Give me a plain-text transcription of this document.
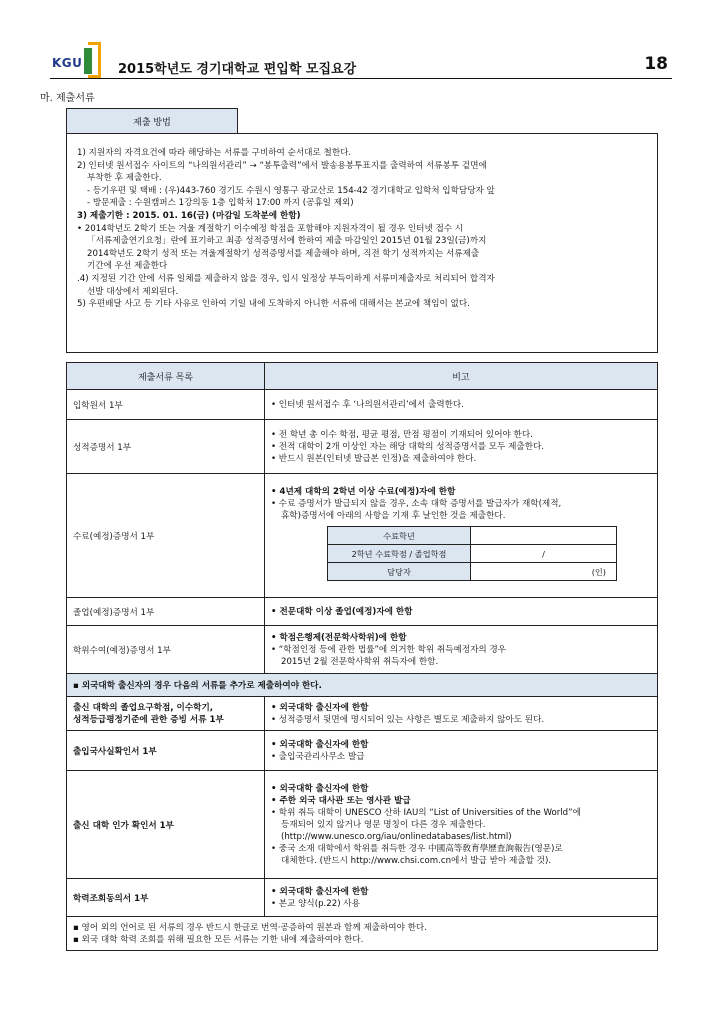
KGU	2015학년도 경기대학교 편입학 모집요강	18
마. 제출서류
제출 방법
1) 지원자의 자격요건에 따라 해당하는 서류를 구비하여 순서대로 철한다.
2) 인터넷 원서접수 사이트의 “나의원서관리” → “봉투출력”에서 발송용봉투표지를 출력하여 서류봉투 겉면에
부착한 후 제출한다.
- 등기우편 및 택배 : (우)443-760 경기도 수원시 영통구 광교산로 154-42 경기대학교 입학처 입학담당자 앞
- 방문제출 : 수원캠퍼스 1강의동 1층 입학처 17:00 까지 (공휴일 제외)
3) 제출기한 : 2015. 01. 16(금) (마감일 도착분에 한함)
• 2014학년도 2학기 또는 겨울 계절학기 이수예정 학점을 포함해야 지원자격이 될 경우 인터넷 접수 시
「서류제출연기요청」란에 표기하고 최종 성적증명서에 한하여 제출 마감일인 2015년 01월 23일(금)까지
2014학년도 2학기 성적 또는 겨울계절학기 성적증명서를 제출해야 하며, 직전 학기 성적까지는 서류제출
기간에 우선 제출한다
.4) 지정된 기간 안에 서류 일체를 제출하지 않을 경우, 입시 일정상 부득이하게 서류미제출자로 처리되어 합격자
선발 대상에서 제외된다.
5) 우편배달 사고 등 기타 사유로 인하여 기일 내에 도착하지 아니한 서류에 대해서는 본교에 책임이 없다.
제출서류 목록	비고
입학원서 1부	• 인터넷 원서접수 후 ‘나의원서관리’에서 출력한다.

성적증명서 1부	
• 전 학년 총 이수 학점, 평균 평점, 만점 평점이 기재되어 있어야 한다.
• 전적 대학이 2개 이상인 자는 해당 대학의 성적증명서를 모두 제출한다.
• 반드시 원본(인터넷 발급본 인정)을 제출하여야 한다.

수료(예정)증명서 1부	
• 4년제 대학의 2학년 이상 수료(예정)자에 한함
• 수료 증명서가 발급되지 않을 경우, 소속 대학 증명서를 발급자가 재학(제적,
휴학)증명서에 아래의 사항을 기재 후 날인한 것을 제출한다.
수료학년	
2학년 수료학점 / 졸업학점	/
담당자	(인)

졸업(예정)증명서 1부	• 전문대학 이상 졸업(예정)자에 한함

학위수여(예정)증명서 1부	
• 학점은행제(전문학사학위)에 한함
• “학점인정 등에 관한 법률”에 의거한 학위 취득예정자의 경우
2015년 2월 전문학사학위 취득자에 한함.

▪ 외국대학 출신자의 경우 다음의 서류를 추가로 제출하여야 한다.

출신 대학의 졸업요구학점, 이수학기,
성적등급평정기준에 관한 증빙 서류 1부

• 외국대학 출신자에 한함
• 성적증명서 뒷면에 명시되어 있는 사항은 별도로 제출하지 않아도 된다.

출입국사실확인서 1부	
• 외국대학 출신자에 한함
• 출입국관리사무소 발급

출신 대학 인가 확인서 1부	
• 외국대학 출신자에 한함
• 주한 외국 대사관 또는 영사관 발급
• 학위 취득 대학이 UNESCO 산하 IAU의 “List of Universities of the World”에
등재되어 있지 않거나 영문 명칭이 다른 경우 제출한다.
(http://www.unesco.org/iau/onlinedatabases/list.html)
• 중국 소재 대학에서 학위를 취득한 경우 中國高等敎育學歷査詢報告(영문)로
대체한다. (반드시 http://www.chsi.com.cn에서 발급 받아 제출할 것).

학력조회동의서 1부	
• 외국대학 출신자에 한함
• 본교 양식(p.22) 사용

▪ 영어 외의 언어로 된 서류의 경우 반드시 한글로 번역·공증하여 원본과 함께 제출하여야 한다.
▪ 외국 대학 학력 조회를 위해 필요한 모든 서류는 기한 내에 제출하여야 한다.
